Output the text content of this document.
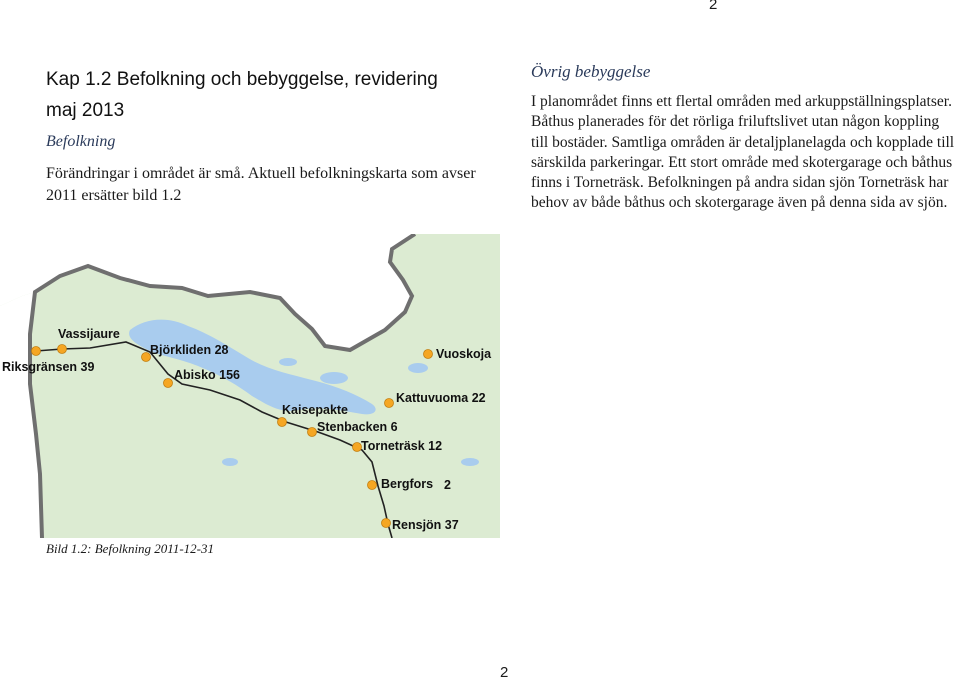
2
Kap 1.2 Befolkning och bebyggelse, revidering
maj 2013
Befolkning
Förändringar i området är små. Aktuell befolkningskarta som avser 2011 ersätter bild 1.2
Övrig bebyggelse
I planområdet finns ett flertal områden med arkuppställningsplatser. Båthus planerades för det rörliga friluftslivet utan någon koppling till bostäder. Samtliga områden är detaljplanelagda och kopplade till särskilda parkeringar. Ett stort område med skotergarage och båthus finns i Torneträsk. Befolkningen på andra sidan sjön Torneträsk har behov av både båthus och skotergarage även på denna sida av sjön.
Vassijaure
Björkliden 28
Riksgränsen 39
Abisko 156
Vuoskoja
Kattuvuoma 22
Kaisepakte
Stenbacken 6
Torneträsk 12
Bergfors 2
Rensjön 37
Bild 1.2: Befolkning 2011-12-31
2
